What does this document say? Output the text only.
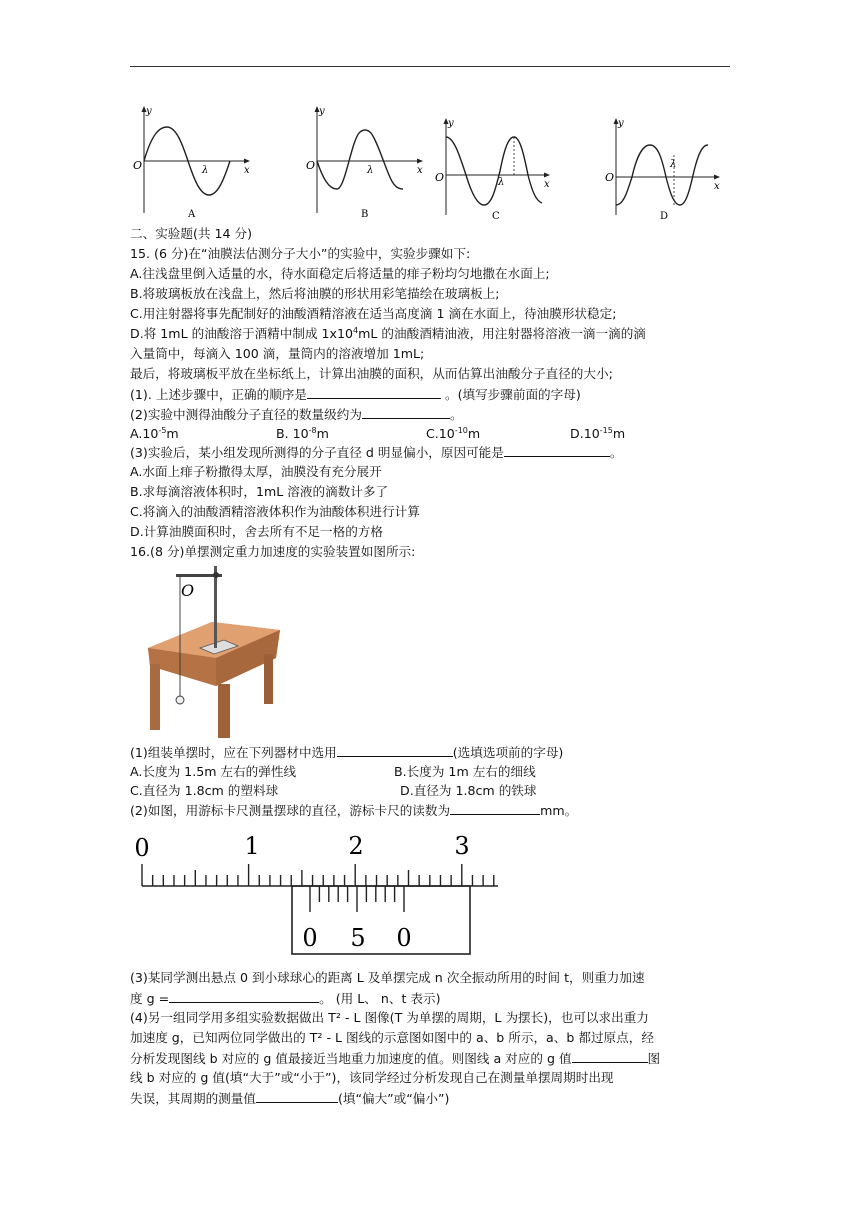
y
O	x
λ
A
y
O	x
λ
B
y
O
x
λ
C
y
O
x
λ
D
二、实验题(共 14 分)
15. (6 分)在“油膜法估测分子大小”的实验中，实验步骤如下:
A.往浅盘里倒入适量的水，待水面稳定后将适量的痱子粉均匀地撒在水面上;
B.将玻璃板放在浅盘上，然后将油膜的形状用彩笔描绘在玻璃板上;
C.用注射器将事先配制好的油酸酒精溶液在适当高度滴 1 滴在水面上，待油膜形状稳定;
D.将 1mL 的油酸溶于酒精中制成 $1x10^4mL$ 的油酸酒精油液，用注射器将溶液一滴一滴的滴
入量筒中，每滴入 100 滴，量筒内的溶液增加 1mL;
最后，将玻璃板平放在坐标纸上，计算出油膜的面积，从而估算出油酸分子直径的大小;
(1). 上述步骤中，正确的顺序是	。(填写步骤前面的字母)
(2)实验中测得油酸分子直径的数量级约为	。
$A.10^{-5}m$	B. $10^{-8}m$	$C.10^{-10}m$	$D.10^{-15}m$
(3)实验后，某小组发现所测得的分子直径 d 明显偏小，原因可能是	。
A.水面上痱子粉撒得太厚，油膜没有充分展开
B.求每滴溶液体积时，1mL 溶液的滴数计多了
C.将滴入的油酸酒精溶液体积作为油酸体积进行计算
D.计算油膜面积时，舍去所有不足一格的方格
16.(8 分)单摆测定重力加速度的实验装置如图所示:
O
(1)组装单摆时，应在下列器材中选用	(选填选项前的字母)
A.长度为 1.5m 左右的弹性线	B.长度为 1m 左右的细线
C.直径为 1.8cm 的塑料球	D.直径为 1.8cm 的铁球
(2)如图，用游标卡尺测量摆球的直径，游标卡尺的读数为	mm。
0	1	2	3
0 5 0
(3)某同学测出悬点 0 到小球球心的距离 L 及单摆完成 n 次全振动所用的时间 t，则重力加速
度 g =	。 (用 L、 n、t 表示)
(4)另一组同学用多组实验数据做出 T² - L 图像(T 为单摆的周期，L 为摆长)，也可以求出重力
加速度 g，已知两位同学做出的 T² - L 图线的示意图如图中的 a、b 所示，a、b 都过原点，经
分析发现图线 b 对应的 g 值最接近当地重力加速度的值。则图线 a 对应的 g 值	图
线 b 对应的 g 值(填“大于”或“小于”)，该同学经过分析发现自己在测量单摆周期时出现
失误，其周期的测量值	(填“偏大”或“偏小”)
